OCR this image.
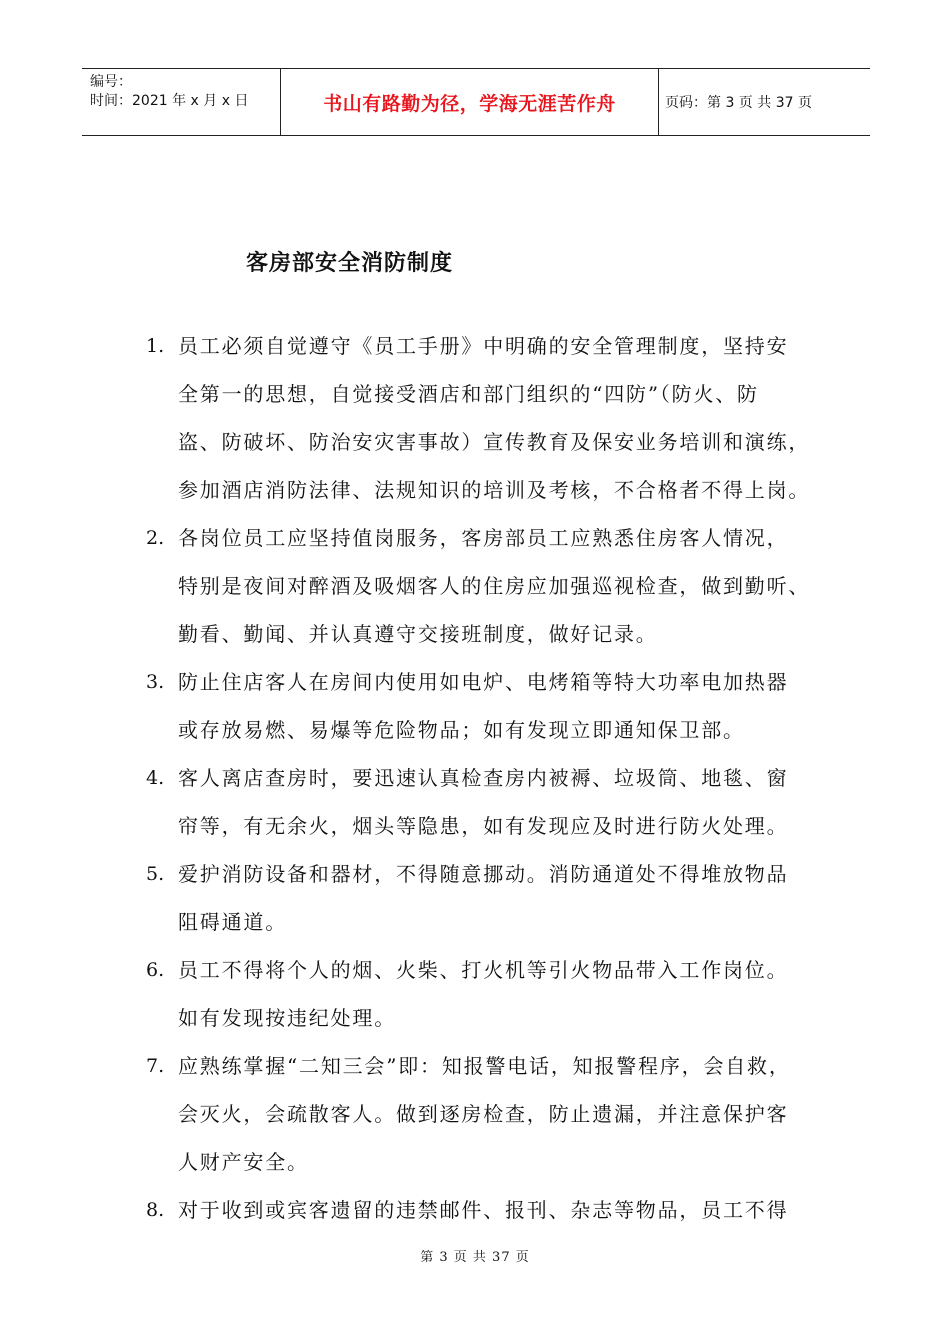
编号：
时间：2021 年 x 月 x 日	书山有路勤为径，学海无涯苦作舟	页码：第 3 页 共 37 页
客房部安全消防制度
1. 员工必须自觉遵守《员工手册》中明确的安全管理制度，坚持安
全第一的思想，自觉接受酒店和部门组织的“四防”（防火、防
盗、防破坏、防治安灾害事故）宣传教育及保安业务培训和演练，
参加酒店消防法律、法规知识的培训及考核，不合格者不得上岗。
2. 各岗位员工应坚持值岗服务，客房部员工应熟悉住房客人情况，
特别是夜间对醉酒及吸烟客人的住房应加强巡视检查，做到勤听、
勤看、勤闻、并认真遵守交接班制度，做好记录。
3. 防止住店客人在房间内使用如电炉、电烤箱等特大功率电加热器
或存放易燃、易爆等危险物品；如有发现立即通知保卫部。
4. 客人离店查房时，要迅速认真检查房内被褥、垃圾筒、地毯、窗
帘等，有无余火，烟头等隐患，如有发现应及时进行防火处理。
5. 爱护消防设备和器材，不得随意挪动。消防通道处不得堆放物品
阻碍通道。
6. 员工不得将个人的烟、火柴、打火机等引火物品带入工作岗位。
如有发现按违纪处理。
7. 应熟练掌握“二知三会”即：知报警电话，知报警程序，会自救，
会灭火，会疏散客人。做到逐房检查，防止遗漏，并注意保护客
人财产安全。
8. 对于收到或宾客遗留的违禁邮件、报刊、杂志等物品，员工不得
第 3 页 共 37 页
